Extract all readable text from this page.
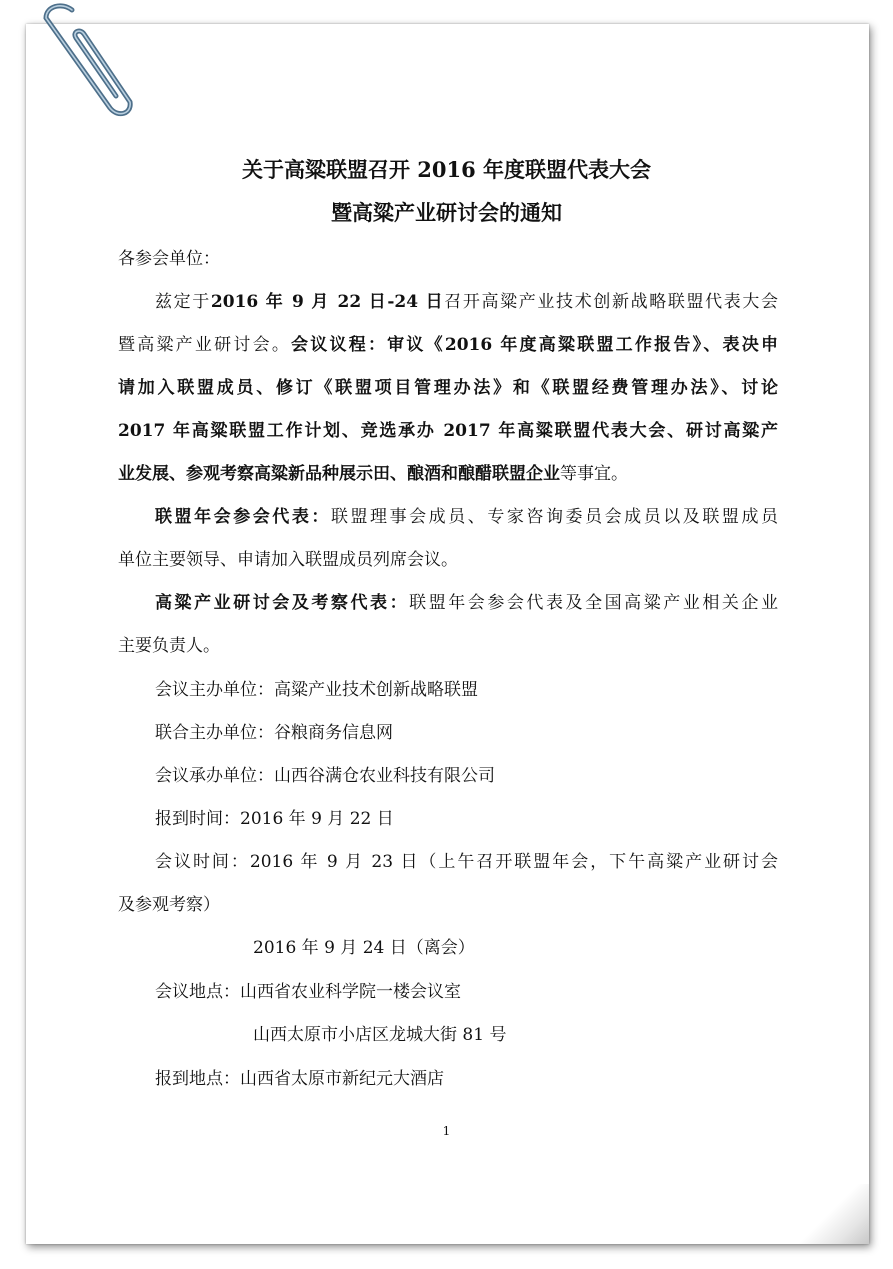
关于高粱联盟召开 2016 年度联盟代表大会
暨高粱产业研讨会的通知
各参会单位：
兹定于2016 年 9 月 22 日-24 日召开高粱产业技术创新战略联盟代表大会
暨高粱产业研讨会。会议议程：审议《2016 年度高粱联盟工作报告》、表决申
请加入联盟成员、修订《联盟项目管理办法》和《联盟经费管理办法》、讨论
2017 年高粱联盟工作计划、竞选承办 2017 年高粱联盟代表大会、研讨高粱产
业发展、参观考察高粱新品种展示田、酿酒和酿醋联盟企业等事宜。
联盟年会参会代表：联盟理事会成员、专家咨询委员会成员以及联盟成员
单位主要领导、申请加入联盟成员列席会议。
高粱产业研讨会及考察代表：联盟年会参会代表及全国高粱产业相关企业
主要负责人。
会议主办单位：高粱产业技术创新战略联盟
联合主办单位：谷粮商务信息网
会议承办单位：山西谷满仓农业科技有限公司
报到时间：2016 年 9 月 22 日
会议时间：2016 年 9 月 23 日（上午召开联盟年会，下午高粱产业研讨会
及参观考察）
2016 年 9 月 24 日（离会）
会议地点：山西省农业科学院一楼会议室
山西太原市小店区龙城大街 81 号
报到地点：山西省太原市新纪元大酒店
1
